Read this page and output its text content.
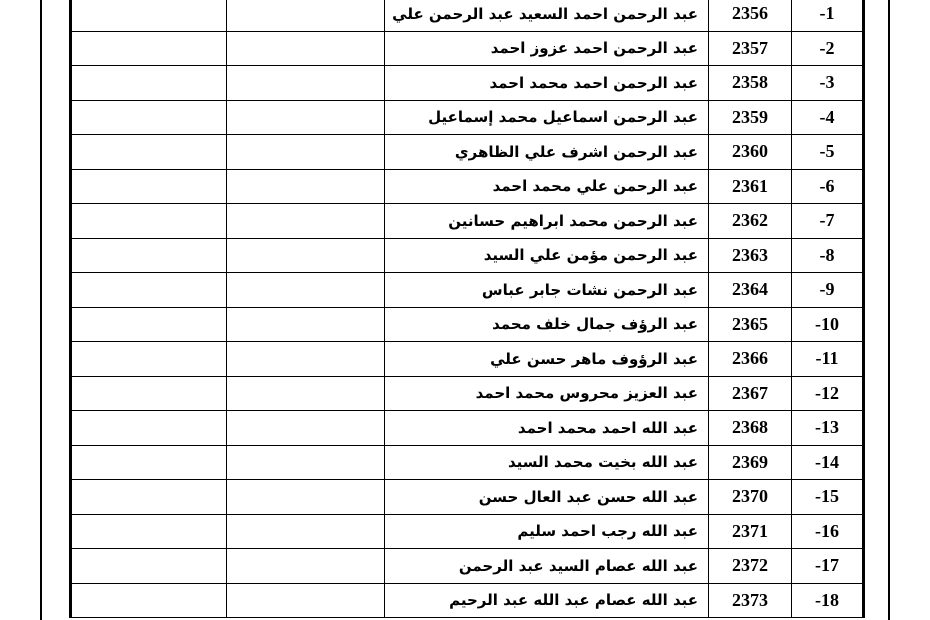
		عبد الرحمن احمد السعيد عبد الرحمن علي	2356	-1
		عبد الرحمن احمد عزوز احمد	2357	-2
		عبد الرحمن احمد محمد احمد	2358	-3
		عبد الرحمن اسماعيل محمد إسماعيل	2359	-4
		عبد الرحمن اشرف علي الظاهري	2360	-5
		عبد الرحمن علي محمد احمد	2361	-6
		عبد الرحمن محمد ابراهيم حسانين	2362	-7
		عبد الرحمن مؤمن علي السيد	2363	-8
		عبد الرحمن نشات جابر عباس	2364	-9
		عبد الرؤف جمال خلف محمد	2365	-10
		عبد الرؤوف ماهر حسن علي	2366	-11
		عبد العزيز محروس محمد احمد	2367	-12
		عبد الله احمد محمد احمد	2368	-13
		عبد الله بخيت محمد السيد	2369	-14
		عبد الله حسن عبد العال حسن	2370	-15
		عبد الله رجب احمد سليم	2371	-16
		عبد الله عصام السيد عبد الرحمن	2372	-17
		عبد الله عصام عبد الله عبد الرحيم	2373	-18
